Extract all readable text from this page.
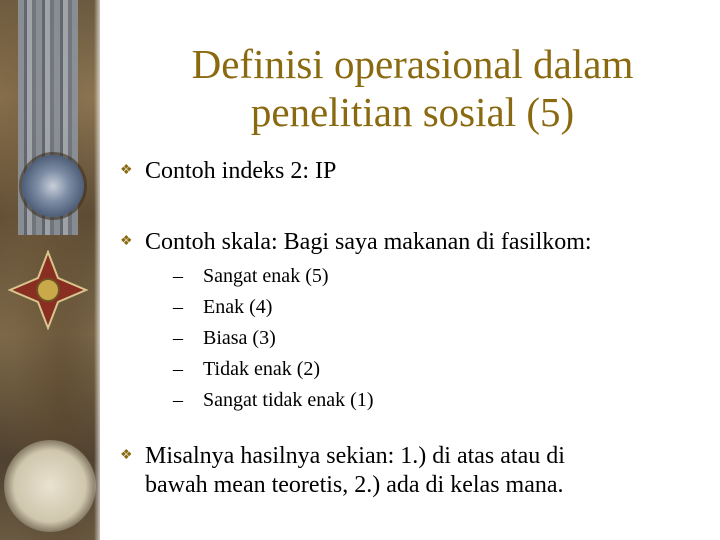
Definisi operasional dalam
penelitian sosial (5)
❖ Contoh indeks 2: IP
❖ Contoh skala: Bagi saya makanan di fasilkom:
– Sangat enak (5)
– Enak (4)
– Biasa (3)
– Tidak enak (2)
– Sangat tidak enak (1)
❖ Misalnya hasilnya sekian: 1.) di atas atau di
bawah mean teoretis, 2.) ada di kelas mana.
